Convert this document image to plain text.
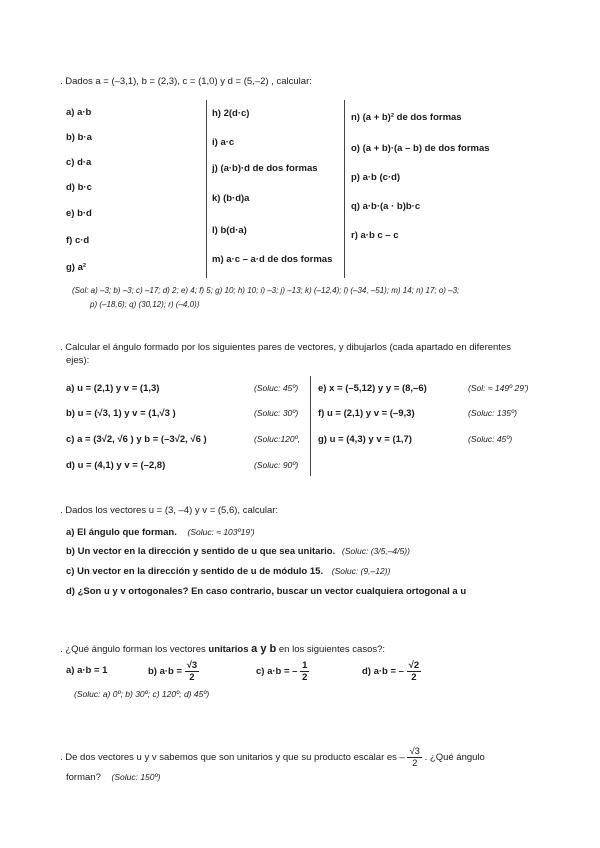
. Dados a = (–3,1), b = (2,3), c = (1,0) y d = (5,–2) , calcular:
a) a·b
b) b·a
c) d·a
d) b·c
e) b·d
f) c·d
g) a²
h) 2(d·c)
i) a·c
j) (a·b)·d de dos formas
k) (b·d)a
l) b(d·a)
m) a·c – a·d de dos formas
n) (a + b)² de dos formas
o) (a + b)·(a – b) de dos formas
p) a·b (c·d)
q) a·b·(a · b)b·c
r) a·b c – c
(Sol: a) –3; b) –3; c) –17; d) 2; e) 4; f) 5; g) 10; h) 10; i) –3; j) –13; k) (–12,4); l) (–34, –51); m) 14; n) 17; o) –3;
p) (–18,6); q) (30,12); r) (–4,0))
. Calcular el ángulo formado por los siguientes pares de vectores, y dibujarlos (cada apartado en diferentes
ejes):
a) u = (2,1) y v = (1,3)	(Soluc: 45º)
b) u = (√3, 1) y v = (1,√3 )	(Soluc: 30º)
c) a = (3√2, √6 ) y b = (–3√2, √6 )	(Soluc:120º,
d) u = (4,1) y v = (–2,8)	(Soluc: 90º)
e) x = (–5,12) y y = (8,–6)	(Sol: ≈ 149º 29')
f) u = (2,1) y v = (–9,3)	(Soluc: 135º)
g) u = (4,3) y v = (1,7)	(Soluc: 45º)
. Dados los vectores u = (3, –4) y v = (5,6), calcular:
a) El ángulo que forman. (Soluc: ≈ 103º19')
b) Un vector en la dirección y sentido de u que sea unitario. (Soluc: (3/5,–4/5))
c) Un vector en la dirección y sentido de u de módulo 15. (Soluc: (9,–12))
d) ¿Son u y v ortogonales? En caso contrario, buscar un vector cualquiera ortogonal a u
. ¿Qué ángulo forman los vectores unitarios a y b en los siguientes casos?:
a) a·b = 1	b) $a\cdot b = \frac{√3}{2}$	c) a·b = – $\frac{1}{2}$	d) a·b = – $\frac{√2}{2}$
(Soluc: a) 0º; b) 30º; c) 120º; d) 45º)
. De dos vectores u y v sabemos que son unitarios y que su producto escalar es – $\frac{√3}{2}$ . ¿Qué ángulo
forman? (Soluc: 150º)
